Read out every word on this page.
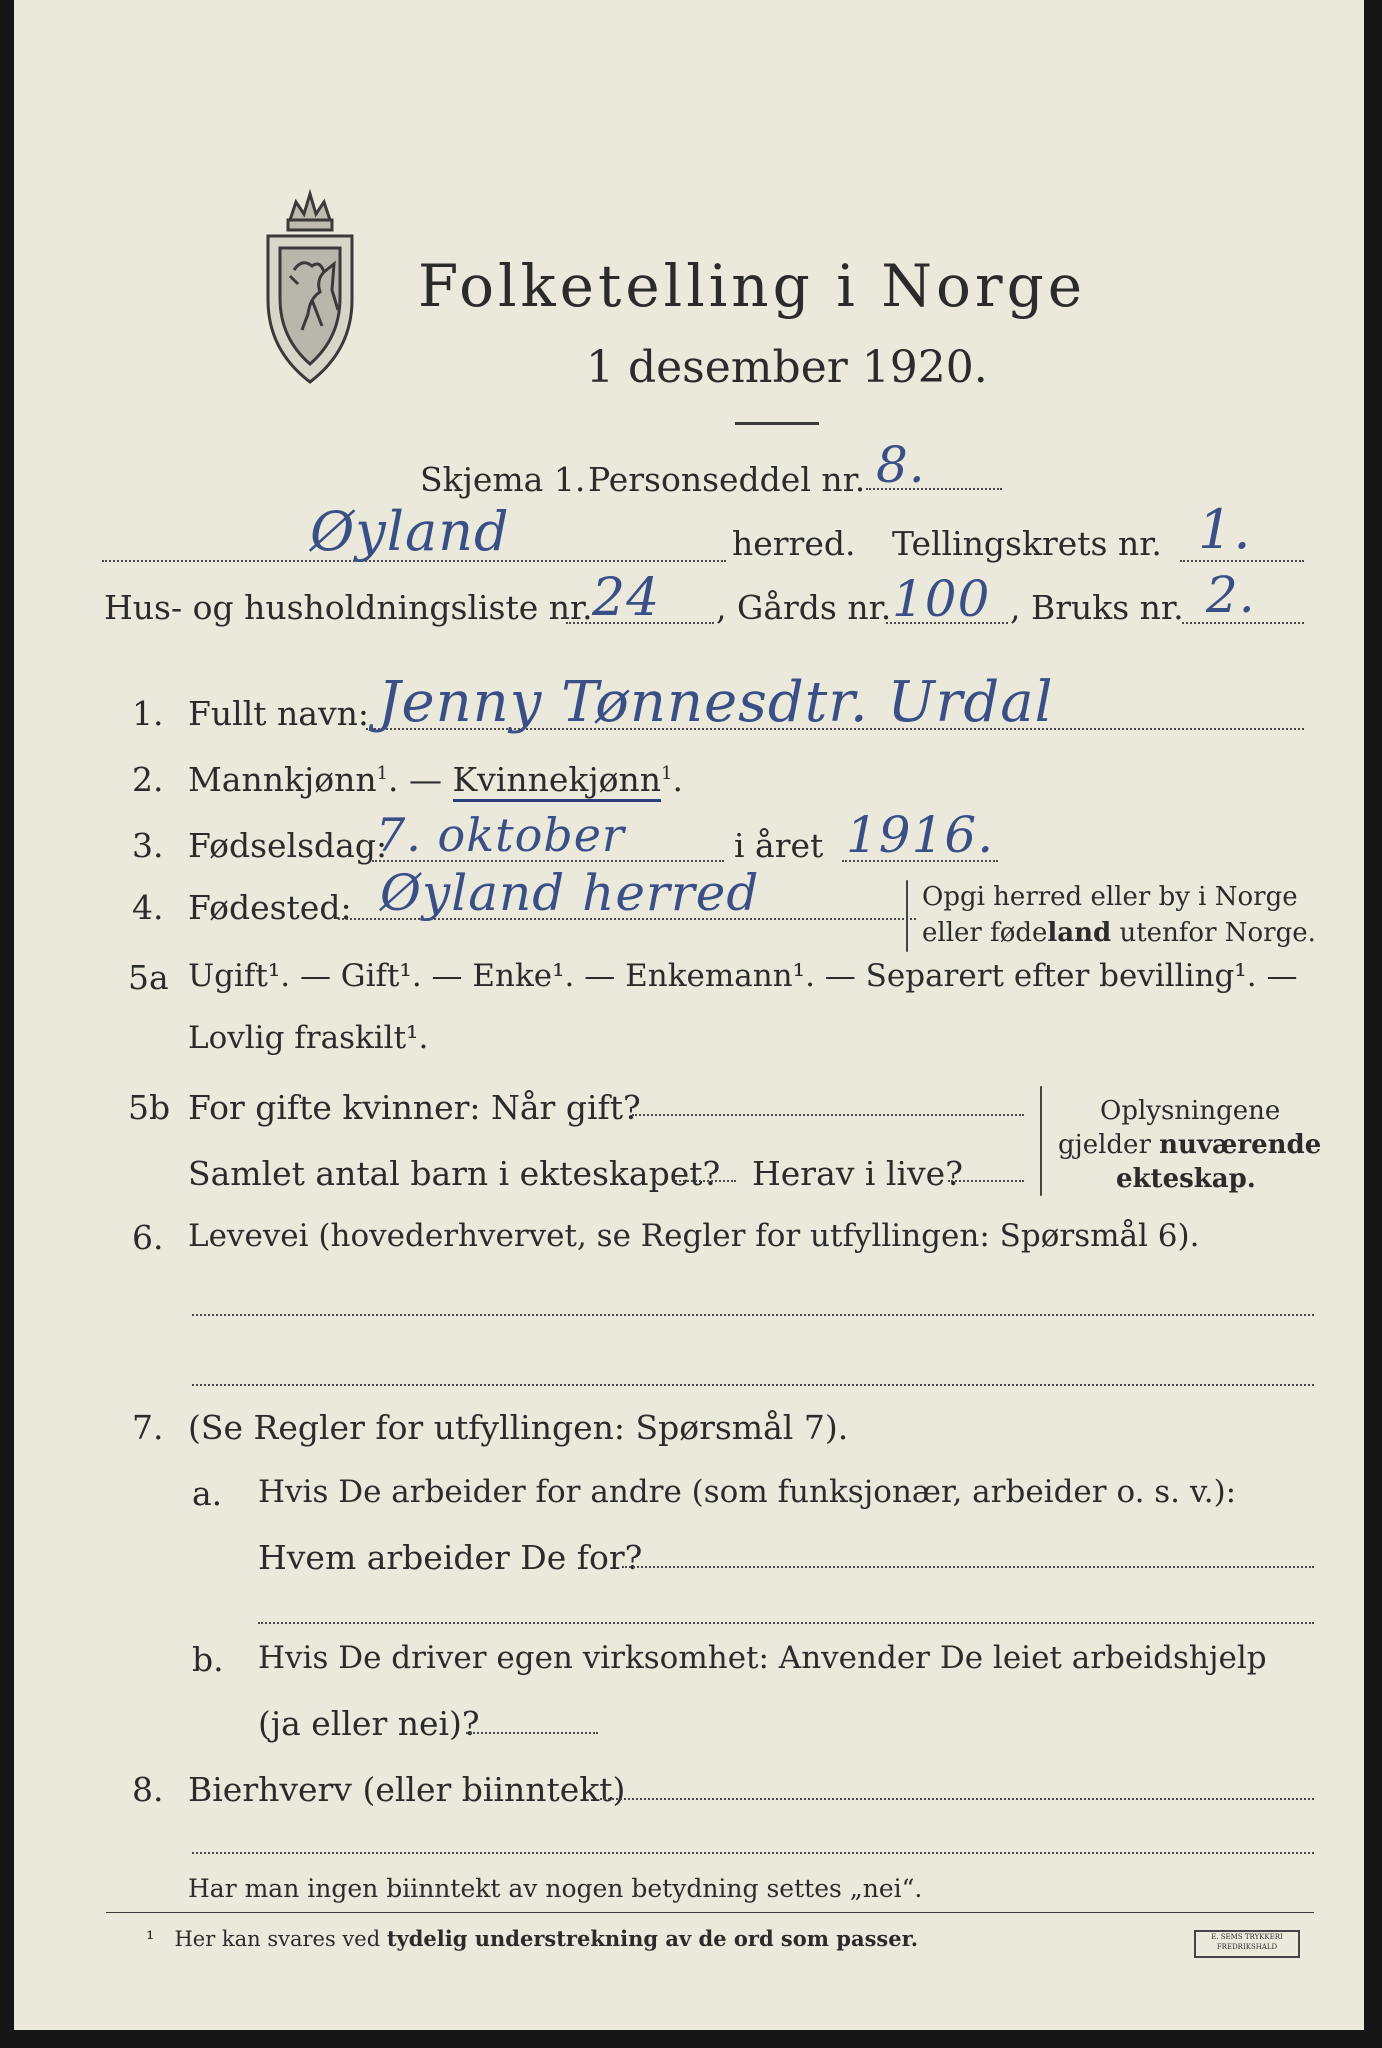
Folketelling i Norge
1 desember 1920.
Skjema 1. Personseddel nr. 8.
Øyland	herred. Tellingskrets nr. 1.
Hus- og husholdningsliste nr. 24 , Gårds nr. 100 , Bruks nr. 2.
1. Fullt navn: Jenny Tønnesdtr. Urdal
2. Mannkjønn$^1$. — Kvinnekjønn$^1$.
3. Fødselsdag:
7. oktober	i året 1916.
4. Fødested: Øyland herred	Opgi herred eller by i Norge
eller fødeland utenfor Norge.
5a Ugift¹. — Gift¹. — Enke¹. — Enkemann¹. — Separert efter bevilling¹. —
Lovlig fraskilt¹.
5b For gifte kvinner: Når gift?
Samlet antal barn i ekteskapet? Herav i live?
Oplysningene
gjelder nuværende
ekteskap.
6. Levevei (hovederhvervet, se Regler for utfyllingen: Spørsmål 6).
7. (Se Regler for utfyllingen: Spørsmål 7).
a. Hvis De arbeider for andre (som funksjonær, arbeider o. s. v.):
Hvem arbeider De for?
b. Hvis De driver egen virksomhet: Anvender De leiet arbeidshjelp
(ja eller nei)?
8. Bierhverv (eller biinntekt)
Har man ingen biinntekt av nogen betydning settes „nei“.
¹ Her kan svares ved tydelig understrekning av de ord som passer.	E. SEMS TRYKKERI FREDRIKSHALD
